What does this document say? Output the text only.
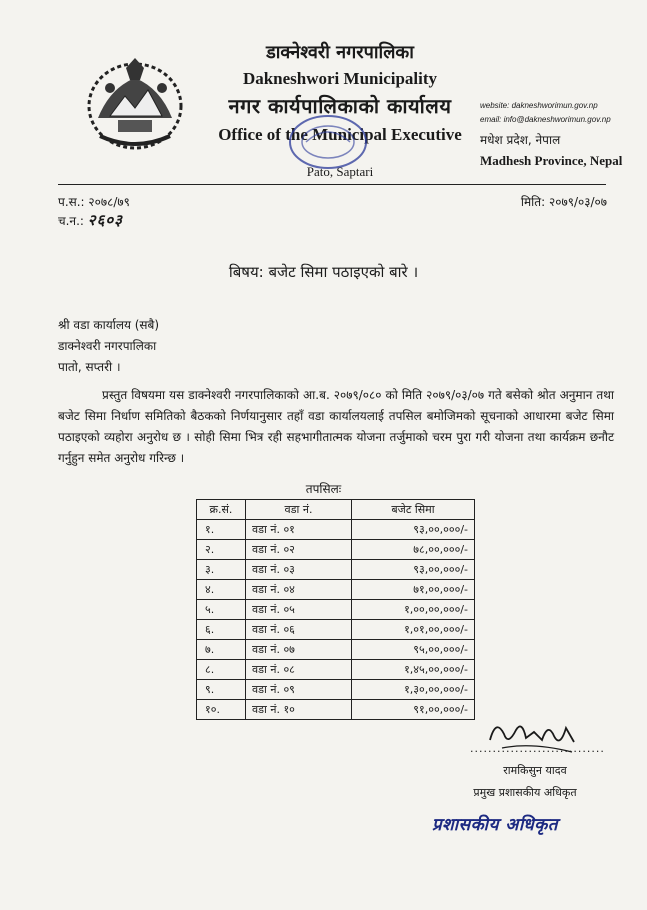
डाक्नेश्वरी नगरपालिका
Dakneshwori Municipality
नगर कार्यपालिकाको कार्यालय
Office of the Municipal Executive
Pato, Saptari
website: dakneshworimun.gov.np
email: info@dakneshworimun.gov.np
मधेश प्रदेश, नेपाल
Madhesh Province, Nepal
प.स.: २०७८/७९
च.न.: २६०३
मिति: २०७९/०३/०७
बिषय: बजेट सिमा पठाइएको बारे ।
श्री वडा कार्यालय (सबै)
डाक्नेश्वरी नगरपालिका
पातो, सप्तरी ।
प्रस्तुत विषयमा यस डाक्नेश्वरी नगरपालिकाको आ.ब. २०७९/०८० को मिति २०७९/०३/०७ गते बसेको श्रोत अनुमान तथा बजेट सिमा निर्धाण समितिको बैठकको निर्णयानुसार तहाँ वडा कार्यालयलाई तपसिल बमोजिमको सूचनाको आधारमा बजेट सिमा पठाइएको व्यहोरा अनुरोध छ । सोही सिमा भित्र रही सहभागीतात्मक योजना तर्जुमाको चरम पुरा गरी योजना तथा कार्यक्रम छनौट गर्नुहुन समेत अनुरोध गरिन्छ ।
तपसिलः
क्र.सं.	वडा नं.	बजेट सिमा
१.	वडा नं. ०१	९३,००,०००/-
२.	वडा नं. ०२	७८,००,०००/-
३.	वडा नं. ०३	९३,००,०००/-
४.	वडा नं. ०४	७१,००,०००/-
५.	वडा नं. ०५	१,००,००,०००/-
६.	वडा नं. ०६	१,०१,००,०००/-
७.	वडा नं. ०७	९५,००,०००/-
८.	वडा नं. ०८	१,४५,००,०००/-
९.	वडा नं. ०९	१,३०,००,०००/-
१०.	वडा नं. १०	९१,००,०००/-
..............................
रामकिसुन यादव
प्रमुख प्रशासकीय अधिकृत
प्रशासकीय अधिकृत
